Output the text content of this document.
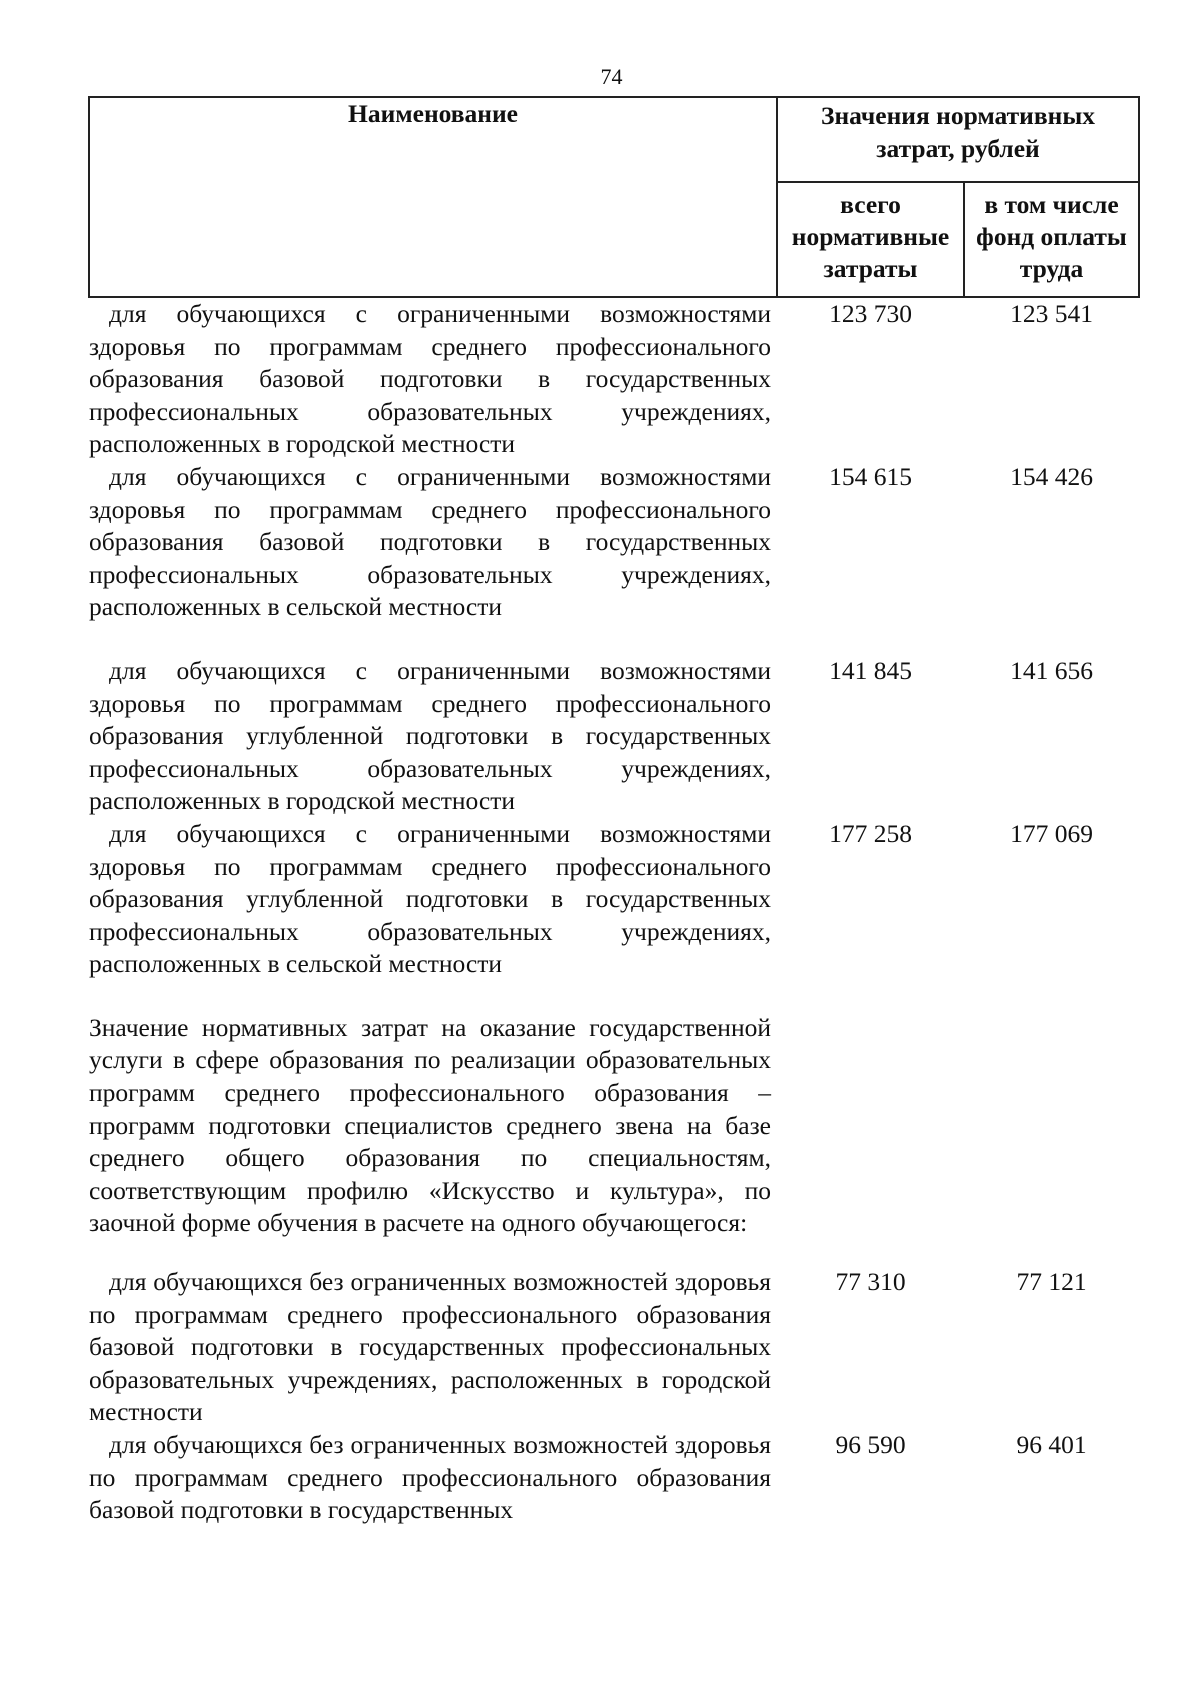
74
Наименование	Значения нормативных затрат, рублей	
	всего нормативные затраты	в том числе фонд оплаты труда

для обучающихся с ограниченными возможностями здоровья по программам среднего профессионального образования базовой подготовки в государственных профессиональных образовательных учреждениях, расположенных в городской местности	123 730	123 541

для обучающихся с ограниченными возможностями здоровья по программам среднего профессионального образования базовой подготовки в государственных профессиональных образовательных учреждениях, расположенных в сельской местности	154 615	154 426

для обучающихся с ограниченными возможностями здоровья по программам среднего профессионального образования углубленной подготовки в государственных профессиональных образовательных учреждениях, расположенных в городской местности	141 845	141 656

для обучающихся с ограниченными возможностями здоровья по программам среднего профессионального образования углубленной подготовки в государственных профессиональных образовательных учреждениях, расположенных в сельской местности	177 258	177 069

Значение нормативных затрат на оказание государственной услуги в сфере образования по реализации образовательных программ среднего профессионального образования – программ подготовки специалистов среднего звена на базе среднего общего образования по специальностям, соответствующим профилю «Искусство и культура», по заочной форме обучения в расчете на одного обучающегося:		

для обучающихся без ограниченных возможностей здоровья по программам среднего профессионального образования базовой подготовки в государственных профессиональных образовательных учреждениях, расположенных в городской местности	77 310	77 121

для обучающихся без ограниченных возможностей здоровья по программам среднего профессионального образования базовой подготовки в государственных	96 590	96 401
